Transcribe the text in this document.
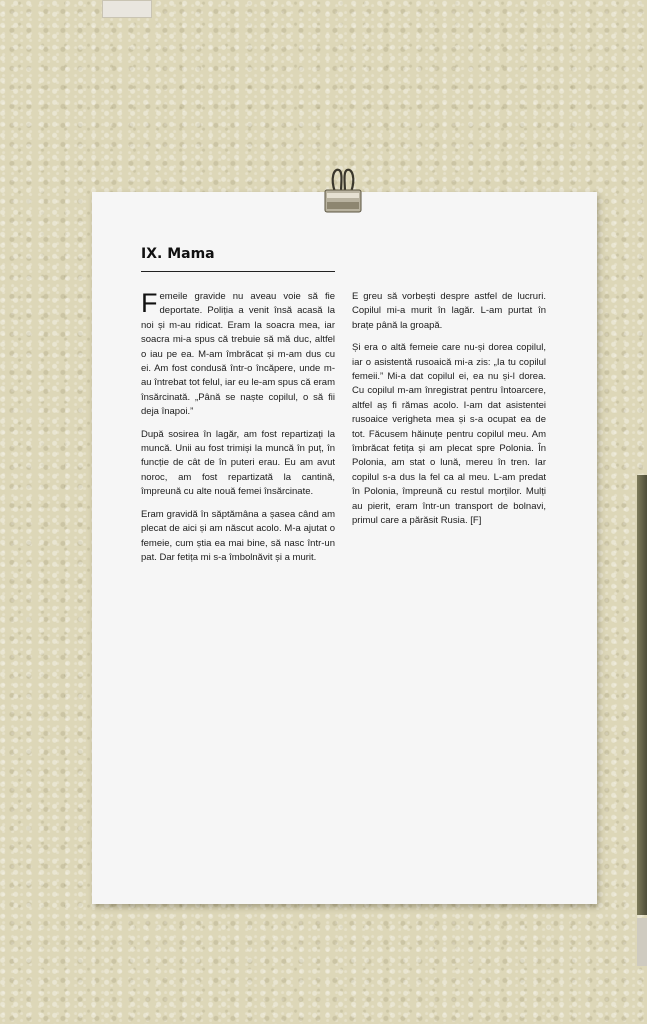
IX. Mama

Femeile gravide nu aveau voie să fie deportate. Poliția a venit însă acasă la noi și m-au ridicat. Eram la soacra mea, iar soacra mi-a spus că trebuie să mă duc, altfel o iau pe ea. M-am îmbrăcat și m-am dus cu ei. Am fost condusă într-o încăpere, unde m-au întrebat tot felul, iar eu le-am spus că eram însărcinată. „Până se naște copilul, o să fii deja înapoi.”

După sosirea în lagăr, am fost repartizați la muncă. Unii au fost trimiși la muncă în puț, în funcție de cât de în puteri erau. Eu am avut noroc, am fost repartizată la cantină, împreună cu alte nouă femei însărcinate.

Eram gravidă în săptămâna a șasea când am plecat de aici și am născut acolo. M-a ajutat o femeie, cum știa ea mai bine, să nasc într-un pat. Dar fetița mi s-a îmbolnăvit și a murit.

E greu să vorbești despre astfel de lucruri. Copilul mi-a murit în lagăr. L-am purtat în brațe până la groapă.

Și era o altă femeie care nu-și dorea copilul, iar o asistentă rusoaică mi-a zis: „Ia tu copilul femeii.” Mi-a dat copilul ei, ea nu și-l dorea. Cu copilul m-am înregistrat pentru întoarcere, altfel aș fi rămas acolo. I-am dat asistentei rusoaice verigheta mea și s-a ocupat ea de tot. Făcusem hăinuțe pentru copilul meu. Am îmbrăcat fetița și am plecat spre Polonia. În Polonia, am stat o lună, mereu în tren. Iar copilul s-a dus la fel ca al meu. L-am predat în Polonia, împreună cu restul morților. Mulți au pierit, eram într-un transport de bolnavi, primul care a părăsit Rusia. [F]
